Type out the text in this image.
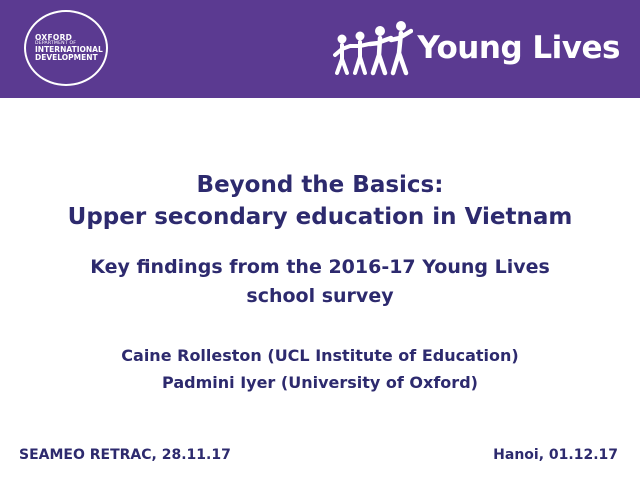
OXFORD
DEPARTMENT OF
INTERNATIONAL
DEVELOPMENT	Young Lives
Beyond the Basics:
Upper secondary education in Vietnam
Key findings from the 2016-17 Young Lives
school survey
Caine Rolleston (UCL Institute of Education)
Padmini Iyer (University of Oxford)
SEAMEO RETRAC, 28.11.17	Hanoi, 01.12.17
